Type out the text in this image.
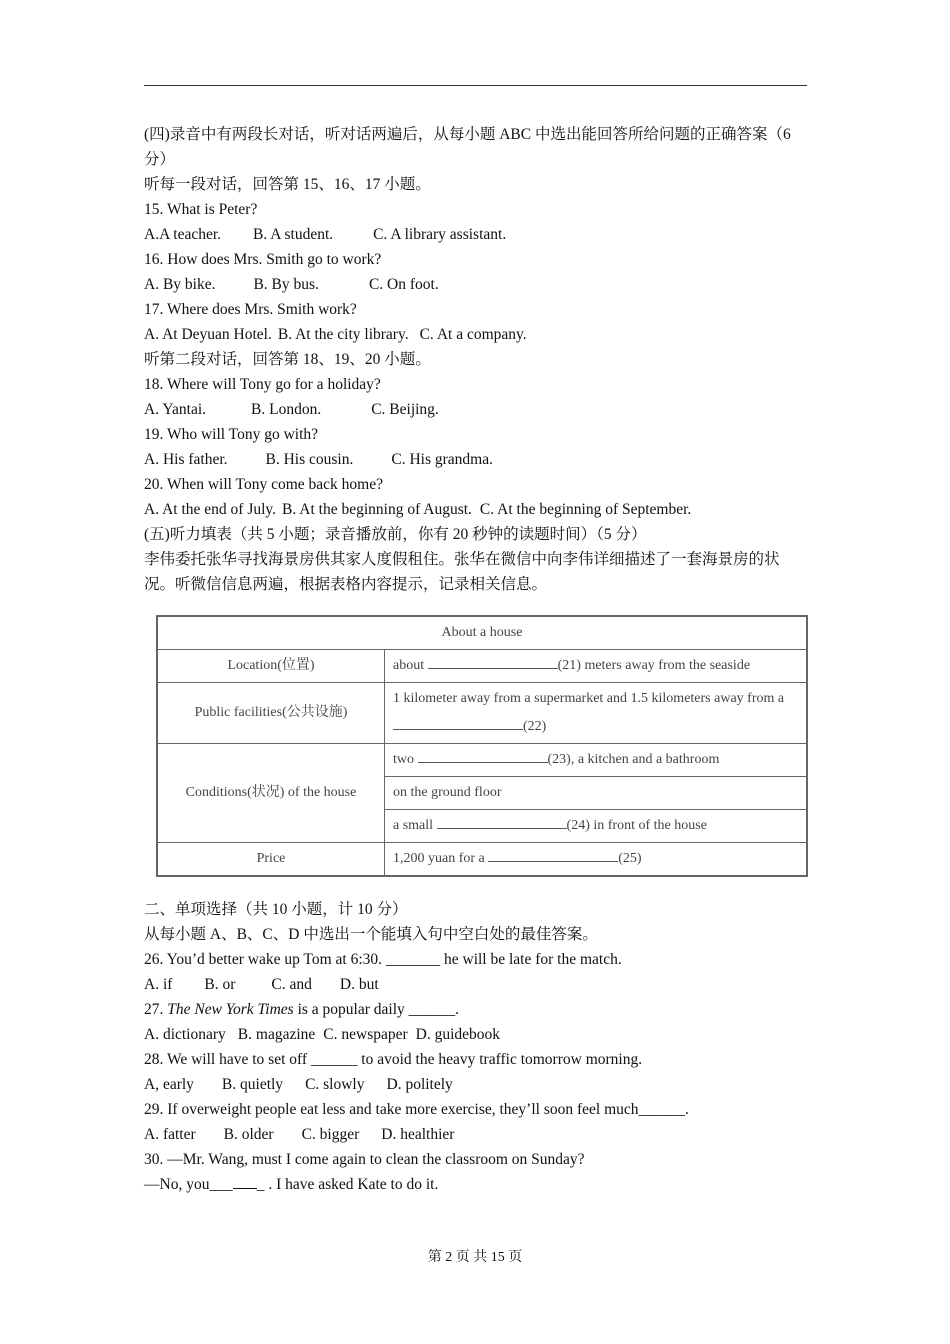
(四)录音中有两段长对话，听对话两遍后，从每小题 ABC 中选出能回答所给问题的正确答案（6 分）
听每一段对话，回答第 15、16、17 小题。
15. What is Peter?
A.A teacher. B. A student.	C. A library assistant.
16. How does Mrs. Smith go to work?
A. By bike. B. By bus.	C. On foot.
17. Where does Mrs. Smith work?
A. At Deyuan Hotel. B. At the city library. C. At a company.
听第二段对话，回答第 18、19、20 小题。
18. Where will Tony go for a holiday?
A. Yantai.	B. London.	C. Beijing.
19. Who will Tony go with?
A. His father. B. His cousin. C. His grandma.
20. When will Tony come back home?
A. At the end of July. B. At the beginning of August. C. At the beginning of September.
(五)听力填表（共 5 小题；录音播放前，你有 20 秒钟的读题时间）（5 分）
李伟委托张华寻找海景房供其家人度假租住。张华在微信中向李伟详细描述了一套海景房的状况。听微信信息两遍，根据表格内容提示，记录相关信息。
About a house	
Location(位置)	about (21) meters away from the seaside
Public facilities(公共设施)	1 kilometer away from a supermarket and 1.5 kilometers away from a (22)
Conditions(状况) of the house	two (23), a kitchen and a bathroom
	on the ground floor
	a small (24) in front of the house
Price	1,200 yuan for a (25)
二、单项选择（共 10 小题，计 10 分）
从每小题 A、B、C、D 中选出一个能填入句中空白处的最佳答案。
26. You’d better wake up Tom at 6:30. _______ he will be late for the match.
A. if B. or C. and D. but
27. The New York Times is a popular daily ______.
A. dictionary B. magazine C. newspaper D. guidebook
28. We will have to set off ______ to avoid the heavy traffic tomorrow morning.
A, early B. quietly C. slowly D. politely
29. If overweight people eat less and take more exercise, they’ll soon feel much______.
A. fatter B. older C. bigger D. healthier
30. —Mr. Wang, must I come again to clean the classroom on Sunday?
—No, you___ _ . I have asked Kate to do it.
第 2 页 共 15 页
